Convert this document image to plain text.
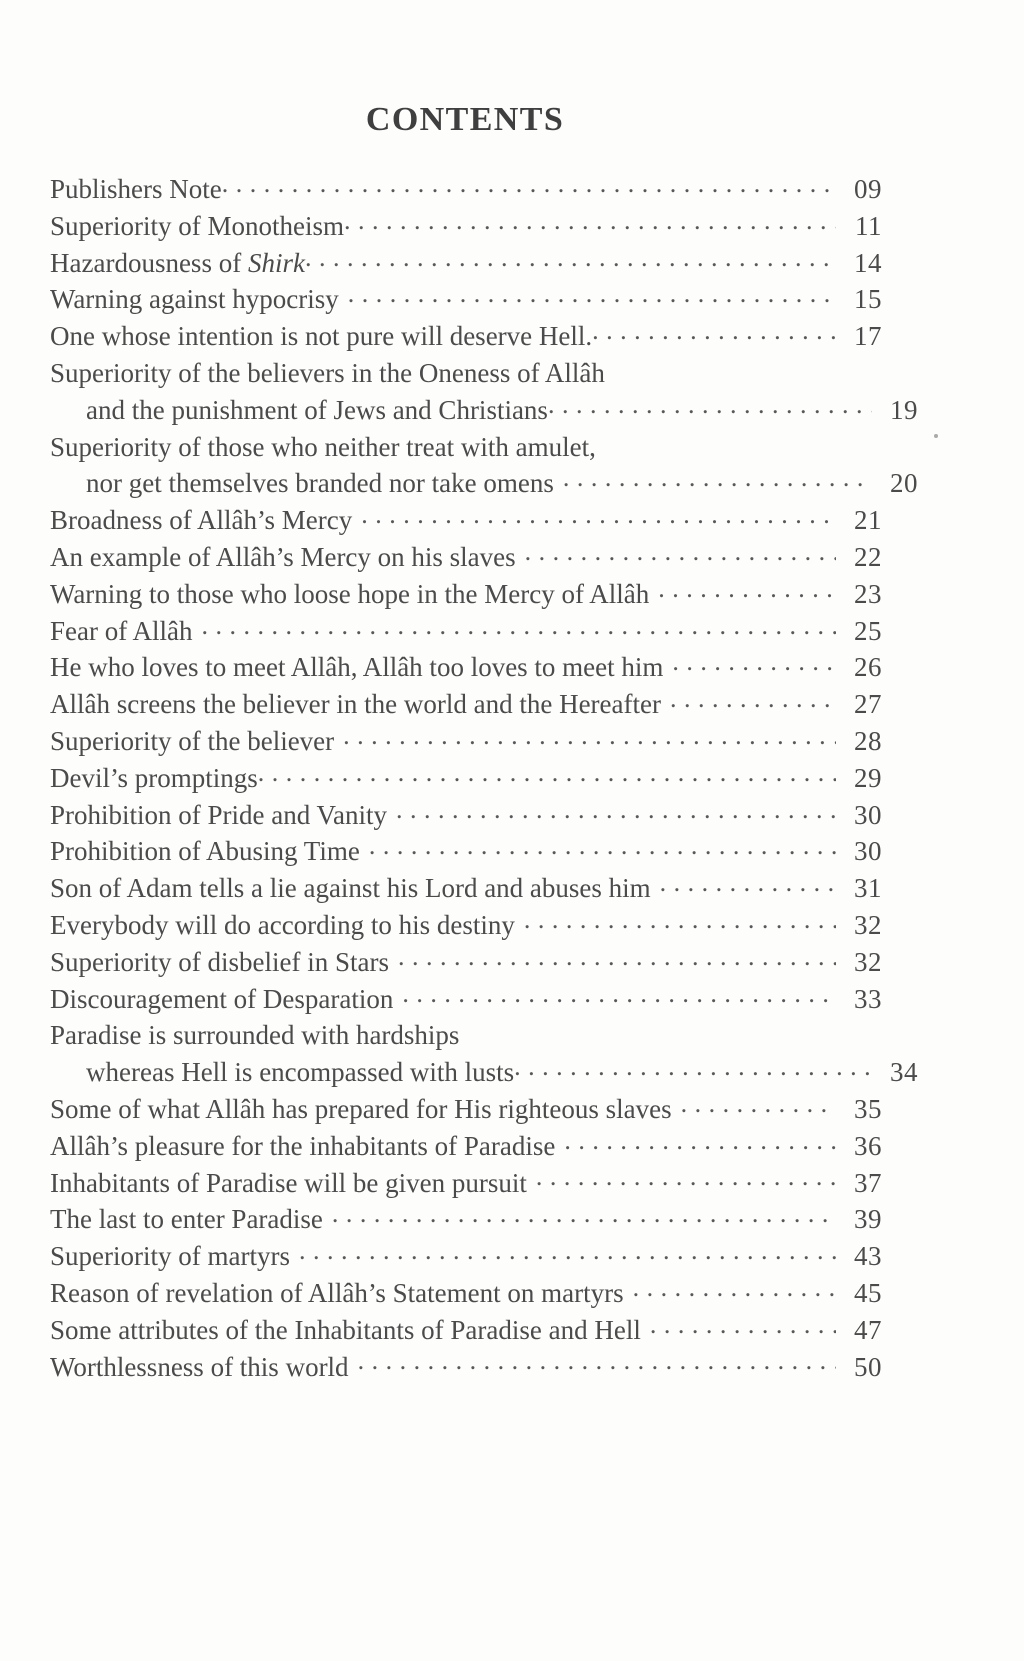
CONTENTS
Publishers Note . . .	09
Superiority of Monotheism . . .	11
Hazardousness of Shirk . . .	14
Warning against hypocrisy . . .	15
One whose intention is not pure will deserve Hell. . . .	17
Superiority of the believers in the Oneness of Allâh
and the punishment of Jews and Christians . . .	19
Superiority of those who neither treat with amulet,
nor get themselves branded nor take omens . . .	20
Broadness of Allâh’s Mercy . . .	21
An example of Allâh’s Mercy on his slaves . . .	22
Warning to those who loose hope in the Mercy of Allâh . . .	23
Fear of Allâh . . .	25
He who loves to meet Allâh, Allâh too loves to meet him . . .	26
Allâh screens the believer in the world and the Hereafter . . .	27
Superiority of the believer . . .	28
Devil’s promptings . . .	29
Prohibition of Pride and Vanity . . .	30
Prohibition of Abusing Time . . .	30
Son of Adam tells a lie against his Lord and abuses him . . .	31
Everybody will do according to his destiny . . .	32
Superiority of disbelief in Stars . . .	32
Discouragement of Desparation . . .	33
Paradise is surrounded with hardships
whereas Hell is encompassed with lusts . . .	34
Some of what Allâh has prepared for His righteous slaves . . .	35
Allâh’s pleasure for the inhabitants of Paradise . . .	36
Inhabitants of Paradise will be given pursuit . . .	37
The last to enter Paradise . . .	39
Superiority of martyrs . . .	43
Reason of revelation of Allâh’s Statement on martyrs . . .	45
Some attributes of the Inhabitants of Paradise and Hell . . .	47
Worthlessness of this world . . .	50
